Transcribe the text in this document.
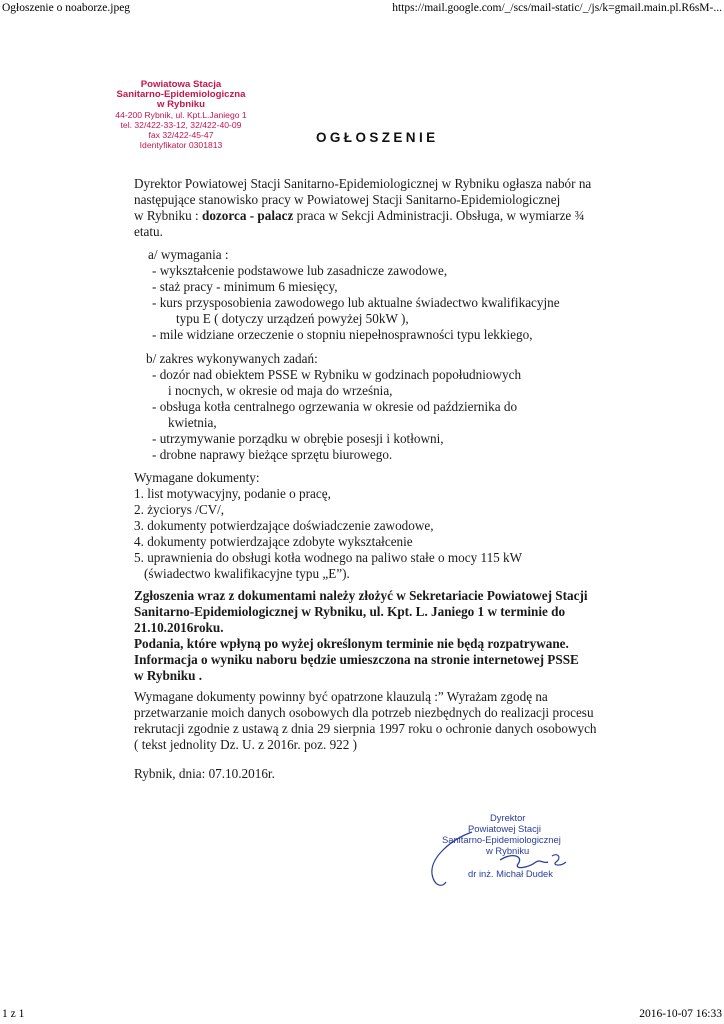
Ogłoszenie o noaborze.jpeg	https://mail.google.com/_/scs/mail-static/_/js/k=gmail.main.pl.R6sM-...
1 z 1	2016-10-07 16:33
Powiatowa Stacja
Sanitarno-Epidemiologiczna
w Rybniku
44-200 Rybnik, ul. Kpt.L.Janiego 1
tel. 32/422-33-12, 32/422-40-09
fax 32/422-45-47
Identyfikator 0301813	OGŁOSZENIE
Dyrektor Powiatowej Stacji Sanitarno-Epidemiologicznej w Rybniku ogłasza nabór na
następujące stanowisko pracy w Powiatowej Stacji Sanitarno-Epidemiologicznej
w Rybniku : dozorca - palacz praca w Sekcji Administracji. Obsługa, w wymiarze ¾
etatu.
a/ wymagania :
- wykształcenie podstawowe lub zasadnicze zawodowe,
- staż pracy - minimum 6 miesięcy,
- kurs przysposobienia zawodowego lub aktualne świadectwo kwalifikacyjne
typu E ( dotyczy urządzeń powyżej 50kW ),
- mile widziane orzeczenie o stopniu niepełnosprawności typu lekkiego,
b/ zakres wykonywanych zadań:
- dozór nad obiektem PSSE w Rybniku w godzinach popołudniowych
i nocnych, w okresie od maja do września,
- obsługa kotła centralnego ogrzewania w okresie od października do
kwietnia,
- utrzymywanie porządku w obrębie posesji i kotłowni,
- drobne naprawy bieżące sprzętu biurowego.
Wymagane dokumenty:
1. list motywacyjny, podanie o pracę,
2. życiorys /CV/,
3. dokumenty potwierdzające doświadczenie zawodowe,
4. dokumenty potwierdzające zdobyte wykształcenie
5. uprawnienia do obsługi kotła wodnego na paliwo stałe o mocy 115 kW
(świadectwo kwalifikacyjne typu „E”).
Zgłoszenia wraz z dokumentami należy złożyć w Sekretariacie Powiatowej Stacji
Sanitarno-Epidemiologicznej w Rybniku, ul. Kpt. L. Janiego 1 w terminie do
21.10.2016roku.
Podania, które wpłyną po wyżej określonym terminie nie będą rozpatrywane.
Informacja o wyniku naboru będzie umieszczona na stronie internetowej PSSE
w Rybniku .
Wymagane dokumenty powinny być opatrzone klauzulą :” Wyrażam zgodę na
przetwarzanie moich danych osobowych dla potrzeb niezbędnych do realizacji procesu
rekrutacji zgodnie z ustawą z dnia 29 sierpnia 1997 roku o ochronie danych osobowych
( tekst jednolity Dz. U. z 2016r. poz. 922 )
Rybnik, dnia: 07.10.2016r.
Dyrektor
Powiatowej Stacji
Sanitarno-Epidemiologicznej
w Rybniku
dr inż. Michał Dudek
